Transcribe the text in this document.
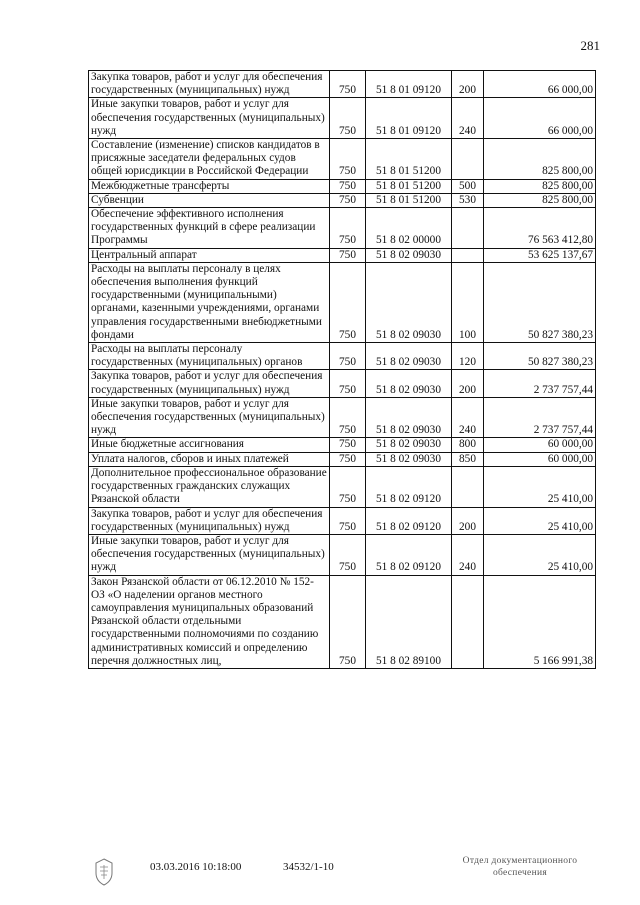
281
Закупка товаров, работ и услуг для обеспечения государственных (муниципальных) нужд	750	51 8 01 09120	200	66 000,00
Иные закупки товаров, работ и услуг для обеспечения государственных (муниципальных) нужд	750	51 8 01 09120	240	66 000,00
Составление (изменение) списков кандидатов в присяжные заседатели федеральных судов общей юрисдикции в Российской Федерации	750	51 8 01 51200		825 800,00
Межбюджетные трансферты	750	51 8 01 51200	500	825 800,00
Субвенции	750	51 8 01 51200	530	825 800,00
Обеспечение эффективного исполнения государственных функций в сфере реализации Программы	750	51 8 02 00000		76 563 412,80
Центральный аппарат	750	51 8 02 09030		53 625 137,67
Расходы на выплаты персоналу в целях обеспечения выполнения функций государственными (муниципальными) органами, казенными учреждениями, органами управления государственными внебюджетными фондами	750	51 8 02 09030	100	50 827 380,23
Расходы на выплаты персоналу государственных (муниципальных) органов	750	51 8 02 09030	120	50 827 380,23
Закупка товаров, работ и услуг для обеспечения государственных (муниципальных) нужд	750	51 8 02 09030	200	2 737 757,44
Иные закупки товаров, работ и услуг для обеспечения государственных (муниципальных) нужд	750	51 8 02 09030	240	2 737 757,44
Иные бюджетные ассигнования	750	51 8 02 09030	800	60 000,00
Уплата налогов, сборов и иных платежей	750	51 8 02 09030	850	60 000,00
Дополнительное профессиональное образование государственных гражданских служащих Рязанской области	750	51 8 02 09120		25 410,00
Закупка товаров, работ и услуг для обеспечения государственных (муниципальных) нужд	750	51 8 02 09120	200	25 410,00
Иные закупки товаров, работ и услуг для обеспечения государственных (муниципальных) нужд	750	51 8 02 09120	240	25 410,00
Закон Рязанской области от 06.12.2010 № 152-ОЗ «О наделении органов местного самоуправления муниципальных образований Рязанской области отдельными государственными полномочиями по созданию административных комиссий и определению перечня должностных лиц,	750	51 8 02 89100		5 166 991,38
03.03.2016 10:18:00	34532/1-10	Отдел документационного обеспечения
